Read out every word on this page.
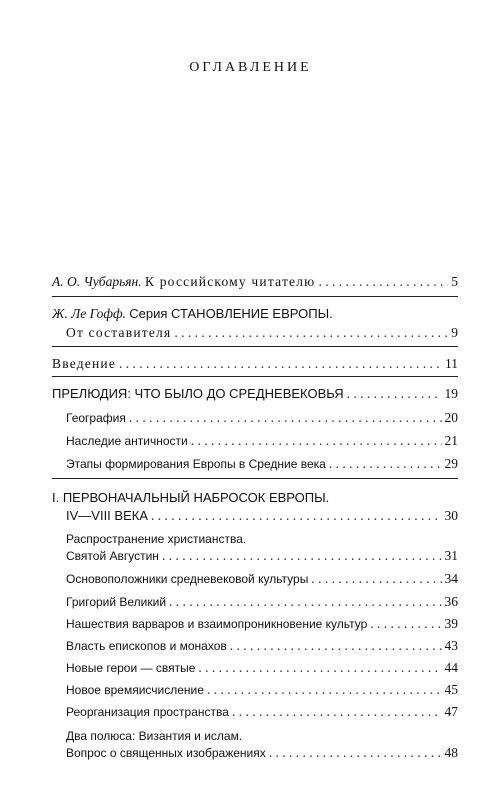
ОГЛАВЛЕНИЕ
А. О. Чубарьян. К российскому читателю . . .	5
Ж. Ле Гофф. Серия СТАНОВЛЕНИЕ ЕВРОПЫ.
От составителя . . .	9
Введение . . .	11
ПРЕЛЮДИЯ: ЧТО БЫЛО ДО СРЕДНЕВЕКОВЬЯ . . .	19
География . . .	20
Наследие античности . . .	21
Этапы формирования Европы в Средние века . . .	29
I. ПЕРВОНАЧАЛЬНЫЙ НАБРОСОК ЕВРОПЫ.
IV—VIII ВЕКА . . .	30
Распространение христианства.
Святой Августин . . .	31
Основоположники средневековой культуры . . .	34
Григорий Великий . . .	36
Нашествия варваров и взаимопроникновение культур . . .	39
Власть епископов и монахов . . .	43
Новые герои — святые . . .	44
Новое времяисчисление . . .	45
Реорганизация пространства . . .	47
Два полюса: Византия и ислам.
Вопрос о священных изображениях . . .	48
